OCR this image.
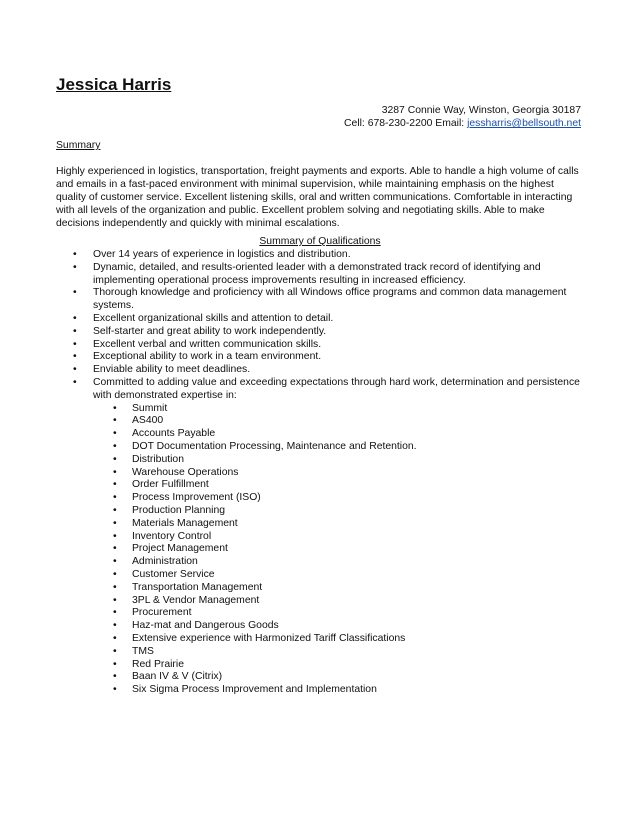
Jessica Harris
3287 Connie Way, Winston, Georgia 30187
Cell: 678-230-2200 Email: jessharris@bellsouth.net
Summary
Highly experienced in logistics, transportation, freight payments and exports. Able to handle a high volume of calls and emails in a fast-paced environment with minimal supervision, while maintaining emphasis on the highest quality of customer service. Excellent listening skills, oral and written communications. Comfortable in interacting with all levels of the organization and public. Excellent problem solving and negotiating skills. Able to make decisions independently and quickly with minimal escalations.
Summary of Qualifications
• Over 14 years of experience in logistics and distribution.
• Dynamic, detailed, and results-oriented leader with a demonstrated track record of identifying and implementing operational process improvements resulting in increased efficiency.
• Thorough knowledge and proficiency with all Windows office programs and common data management systems.
• Excellent organizational skills and attention to detail.
• Self-starter and great ability to work independently.
• Excellent verbal and written communication skills.
• Exceptional ability to work in a team environment.
• Enviable ability to meet deadlines.
• Committed to adding value and exceeding expectations through hard work, determination and persistence with demonstrated expertise in:
• Summit
• AS400
• Accounts Payable
• DOT Documentation Processing, Maintenance and Retention.
• Distribution
• Warehouse Operations
• Order Fulfillment
• Process Improvement (ISO)
• Production Planning
• Materials Management
• Inventory Control
• Project Management
• Administration
• Customer Service
• Transportation Management
• 3PL & Vendor Management
• Procurement
• Haz-mat and Dangerous Goods
• Extensive experience with Harmonized Tariff Classifications
• TMS
• Red Prairie
• Baan IV & V (Citrix)
• Six Sigma Process Improvement and Implementation
